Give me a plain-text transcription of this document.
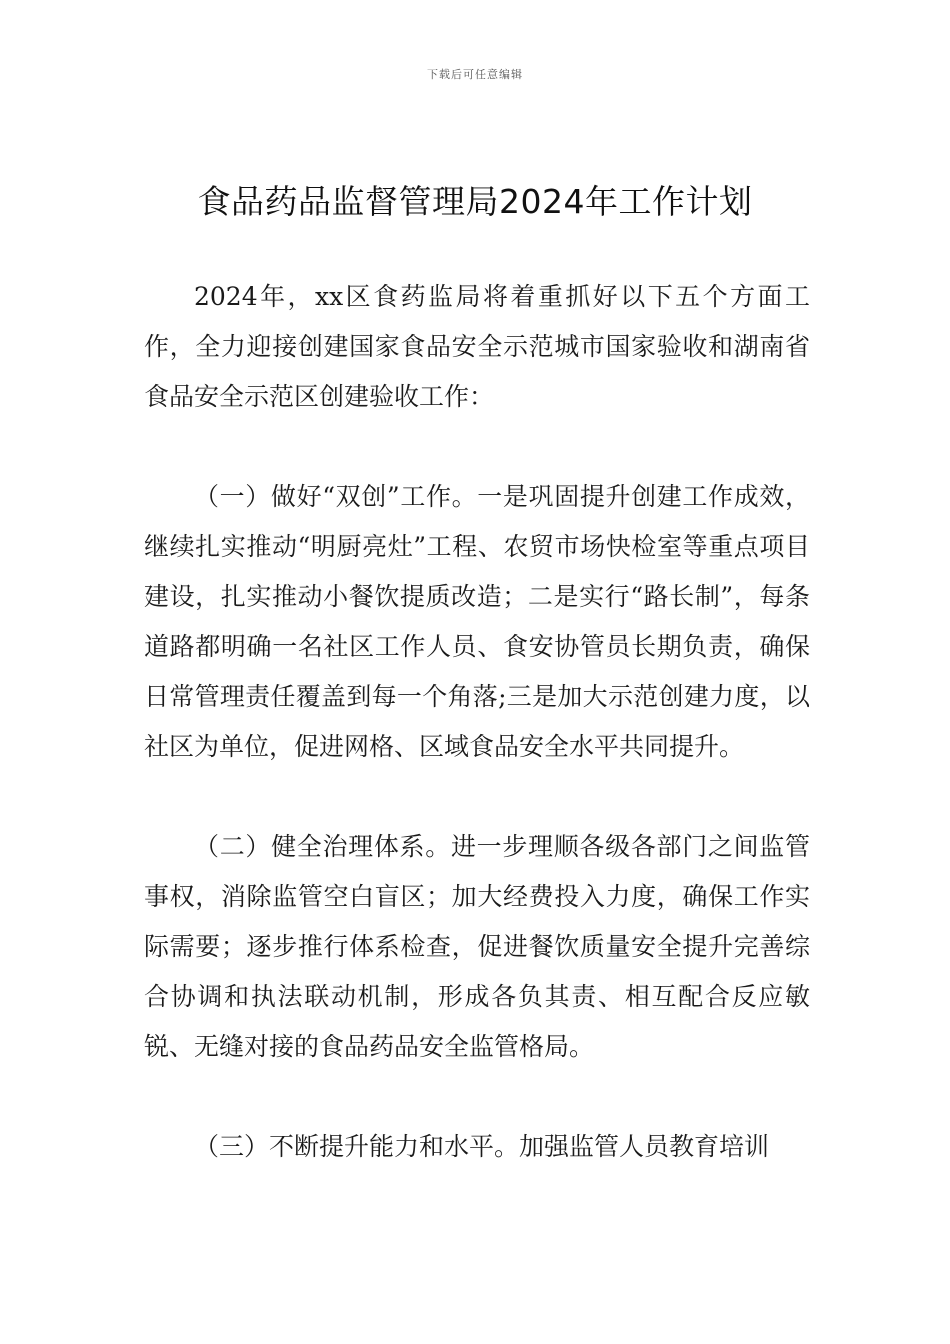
下载后可任意编辑
食品药品监督管理局2024年工作计划

2024年，xx区食药监局将着重抓好以下五个方面工作，全力迎接创建国家食品安全示范城市国家验收和湖南省食品安全示范区创建验收工作：

（一）做好“双创”工作。一是巩固提升创建工作成效，继续扎实推动“明厨亮灶”工程、农贸市场快检室等重点项目建设，扎实推动小餐饮提质改造；二是实行“路长制”，每条道路都明确一名社区工作人员、食安协管员长期负责，确保日常管理责任覆盖到每一个角落;三是加大示范创建力度，以社区为单位，促进网格、区域食品安全水平共同提升。

（二）健全治理体系。进一步理顺各级各部门之间监管事权，消除监管空白盲区；加大经费投入力度，确保工作实际需要；逐步推行体系检查，促进餐饮质量安全提升完善综合协调和执法联动机制，形成各负其责、相互配合反应敏锐、无缝对接的食品药品安全监管格局。

（三）不断提升能力和水平。加强监管人员教育培训
